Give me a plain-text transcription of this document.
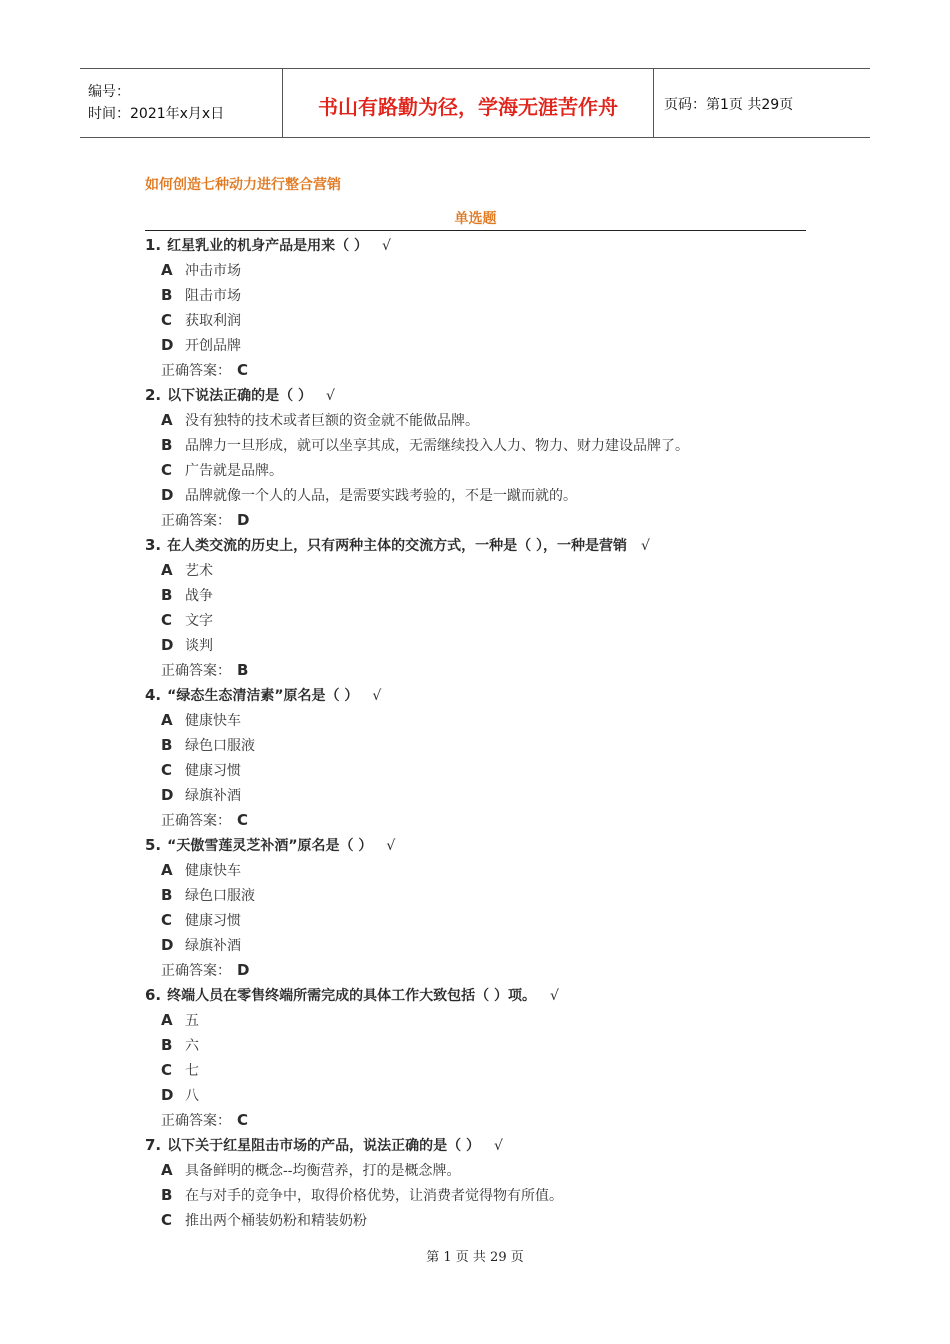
编号：
时间：2021年x月x日	书山有路勤为径，学海无涯苦作舟	页码：第1页 共29页
如何创造七种动力进行整合营销
单选题
1. 红星乳业的机身产品是用来（ ） √
A 冲击市场
B 阻击市场
C 获取利润
D 开创品牌
正确答案： C
2. 以下说法正确的是（ ） √
A 没有独特的技术或者巨额的资金就不能做品牌。
B 品牌力一旦形成，就可以坐享其成，无需继续投入人力、物力、财力建设品牌了。
C 广告就是品牌。
D 品牌就像一个人的人品，是需要实践考验的，不是一蹴而就的。
正确答案： D
3. 在人类交流的历史上，只有两种主体的交流方式，一种是（ ），一种是营销 √
A 艺术
B 战争
C 文字
D 谈判
正确答案： B
4. “绿态生态清洁素”原名是（ ） √
A 健康快车
B 绿色口服液
C 健康习惯
D 绿旗补酒
正确答案： C
5. “天傲雪莲灵芝补酒”原名是（ ） √
A 健康快车
B 绿色口服液
C 健康习惯
D 绿旗补酒
正确答案： D
6. 终端人员在零售终端所需完成的具体工作大致包括（ ）项。 √
A 五
B 六
C 七
D 八
正确答案： C
7. 以下关于红星阻击市场的产品，说法正确的是（ ） √
A 具备鲜明的概念--均衡营养，打的是概念牌。
B 在与对手的竞争中，取得价格优势，让消费者觉得物有所值。
C 推出两个桶装奶粉和精装奶粉
第 1 页 共 29 页
